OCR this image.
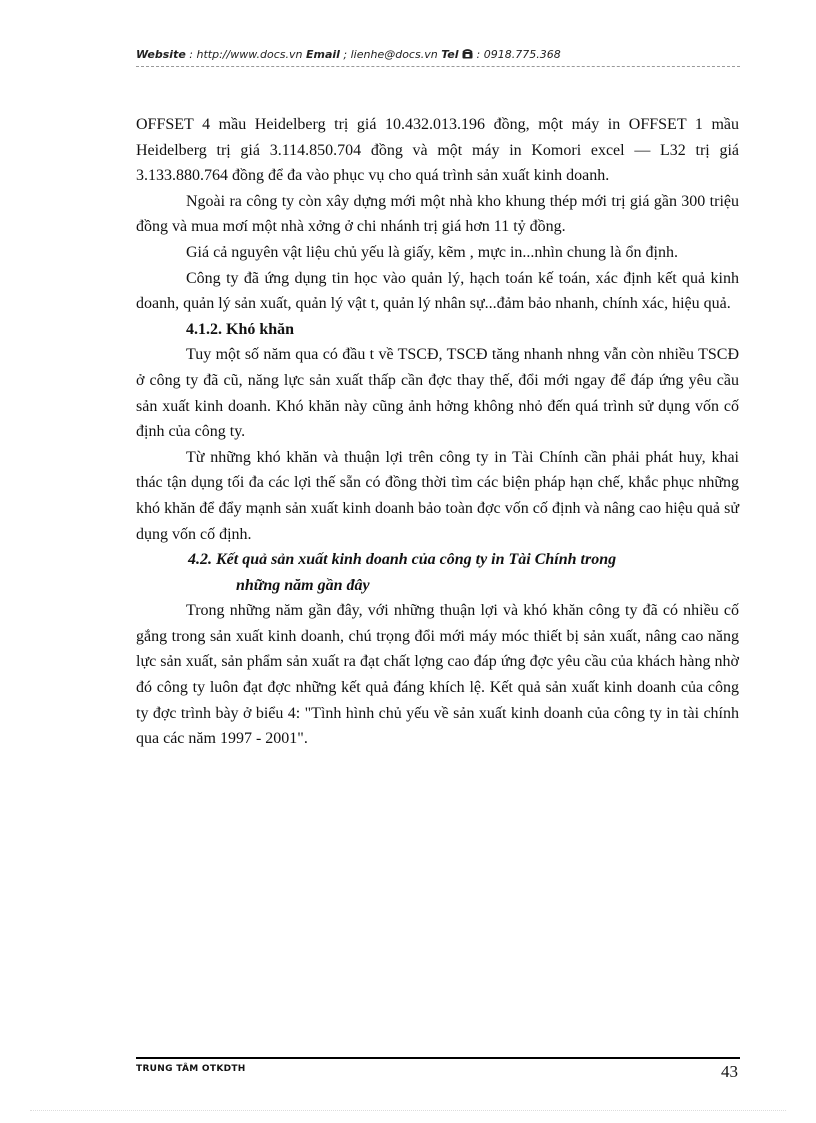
Website : http://www.docs.vn Email ; lienhe@docs.vn Tel  : 0918.775.368

OFFSET 4 mầu Heidelberg trị giá 10.432.013.196 đồng, một máy in OFFSET 1 mầu Heidelberg trị giá 3.114.850.704 đồng và một máy in Komori excel — L32 trị giá 3.133.880.764 đồng để đa vào phục vụ cho quá trình sản xuất kinh doanh.

Ngoài ra công ty còn xây dựng mới một nhà kho khung thép mới trị giá gần 300 triệu đồng và mua mơí một nhà xởng ở chi nhánh trị giá hơn 11 tỷ đồng.

Giá cả nguyên vật liệu chủ yếu là giấy, kẽm , mực in...nhìn chung là ổn định.

Công ty đã ứng dụng tin học vào quản lý, hạch toán kế toán, xác định kết quả kinh doanh, quản lý sản xuất, quản lý vật t, quản lý nhân sự...đảm bảo nhanh, chính xác, hiệu quả.

4.1.2. Khó khăn

Tuy một số năm qua có đầu t về TSCĐ, TSCĐ tăng nhanh nhng vẫn còn nhiều TSCĐ ở công ty đã cũ, năng lực sản xuất thấp cần đợc thay thế, đổi mới ngay để đáp ứng yêu cầu sản xuất kinh doanh. Khó khăn này cũng ảnh hởng không nhỏ đến quá trình sử dụng vốn cố định của công ty.

Từ những khó khăn và thuận lợi trên công ty in Tài Chính cần phải phát huy, khai thác tận dụng tối đa các lợi thế sẵn có đồng thời tìm các biện pháp hạn chế, khắc phục những khó khăn để đẩy mạnh sản xuất kinh doanh bảo toàn đợc vốn cố định và nâng cao hiệu quả sử dụng vốn cố định.

4.2. Kết quả sản xuất kinh doanh của công ty in Tài Chính trong
những năm gần đây

Trong những năm gần đây, với những thuận lợi và khó khăn công ty đã có nhiều cố gắng trong sản xuất kinh doanh, chú trọng đổi mới máy móc thiết bị sản xuất, nâng cao năng lực sản xuất, sản phẩm sản xuất ra đạt chất lợng cao đáp ứng đợc yêu cầu của khách hàng nhờ đó công ty luôn đạt đợc những kết quả đáng khích lệ. Kết quả sản xuất kinh doanh của công ty đợc trình bày ở biểu 4: "Tình hình chủ yếu về sản xuất kinh doanh của công ty in tài chính qua các năm 1997 - 2001".

TRUNG TÂM OTKDTH	43
